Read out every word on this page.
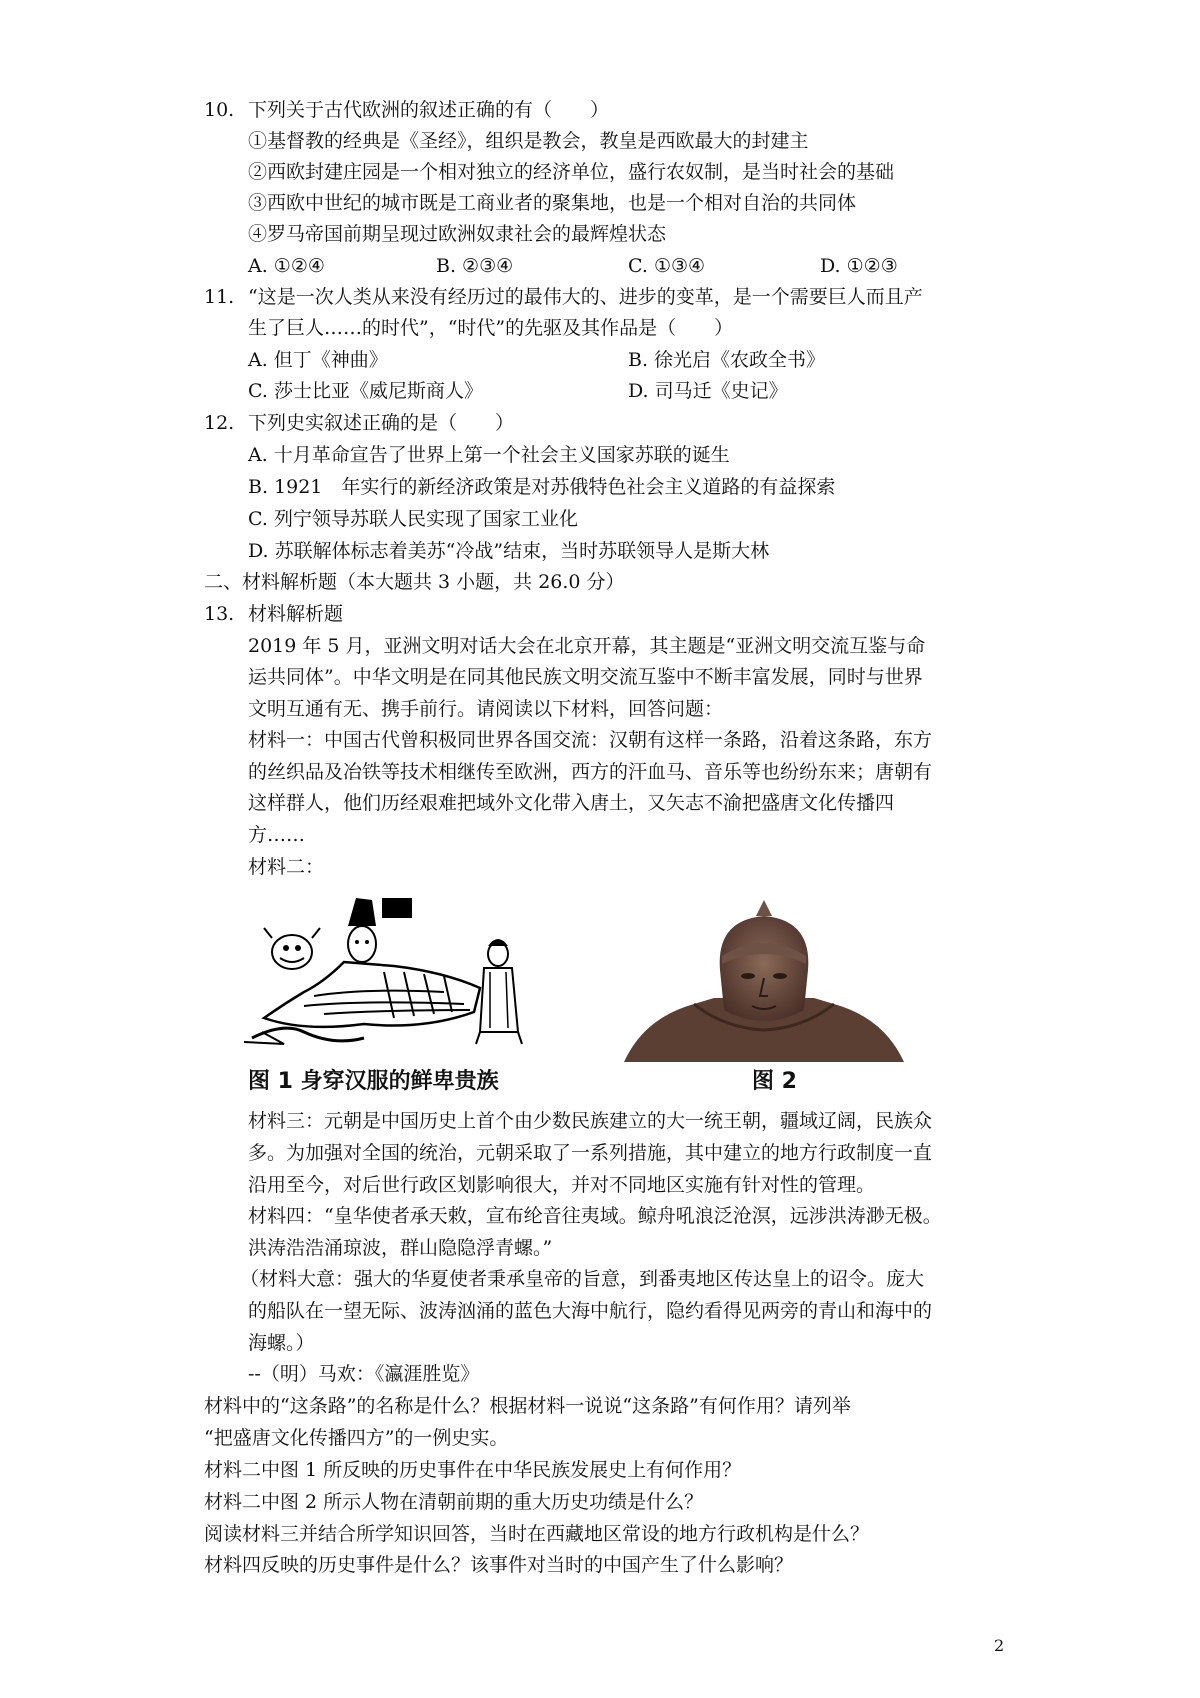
10. 下列关于古代欧洲的叙述正确的有（　　）
①基督教的经典是《圣经》，组织是教会，教皇是西欧最大的封建主
②西欧封建庄园是一个相对独立的经济单位，盛行农奴制，是当时社会的基础
③西欧中世纪的城市既是工商业者的聚集地，也是一个相对自治的共同体
④罗马帝国前期呈现过欧洲奴隶社会的最辉煌状态
A. ①②④	B. ②③④	C. ①③④	D. ①②③
11. “这是一次人类从来没有经历过的最伟大的、进步的变革，是一个需要巨人而且产
生了巨人……的时代”，“时代”的先驱及其作品是（　　）
A. 但丁《神曲》	B. 徐光启《农政全书》
C. 莎士比亚《威尼斯商人》	D. 司马迁《史记》
12. 下列史实叙述正确的是（　　）
A. 十月革命宣告了世界上第一个社会主义国家苏联的诞生
B. 1921　年实行的新经济政策是对苏俄特色社会主义道路的有益探索
C. 列宁领导苏联人民实现了国家工业化
D. 苏联解体标志着美苏“冷战”结束，当时苏联领导人是斯大林
二、材料解析题（本大题共 3 小题，共 26.0 分）
13. 材料解析题
2019 年 5 月，亚洲文明对话大会在北京开幕，其主题是“亚洲文明交流互鉴与命
运共同体”。中华文明是在同其他民族文明交流互鉴中不断丰富发展，同时与世界
文明互通有无、携手前行。请阅读以下材料，回答问题：
材料一：中国古代曾积极同世界各国交流：汉朝有这样一条路，沿着这条路，东方
的丝织品及冶铁等技术相继传至欧洲，西方的汗血马、音乐等也纷纷东来；唐朝有
这样群人，他们历经艰难把域外文化带入唐土，又矢志不渝把盛唐文化传播四
方……
材料二：
图 1 身穿汉服的鲜卑贵族	图 2
材料三：元朝是中国历史上首个由少数民族建立的大一统王朝，疆域辽阔，民族众
多。为加强对全国的统治，元朝采取了一系列措施，其中建立的地方行政制度一直
沿用至今，对后世行政区划影响很大，并对不同地区实施有针对性的管理。
材料四：“皇华使者承天敕，宣布纶音往夷域。鲸舟吼浪泛沧溟，远涉洪涛渺无极。
洪涛浩浩涌琼波，群山隐隐浮青螺。”
（材料大意：强大的华夏使者秉承皇帝的旨意，到番夷地区传达皇上的诏令。庞大
的船队在一望无际、波涛汹涌的蓝色大海中航行，隐约看得见两旁的青山和海中的
海螺。）
--（明）马欢：《瀛涯胜览》
材料中的“这条路”的名称是什么？根据材料一说说“这条路”有何作用？请列举
“把盛唐文化传播四方”的一例史实。
材料二中图 1 所反映的历史事件在中华民族发展史上有何作用？
材料二中图 2 所示人物在清朝前期的重大历史功绩是什么？
阅读材料三并结合所学知识回答，当时在西藏地区常设的地方行政机构是什么？
材料四反映的历史事件是什么？该事件对当时的中国产生了什么影响？
2
